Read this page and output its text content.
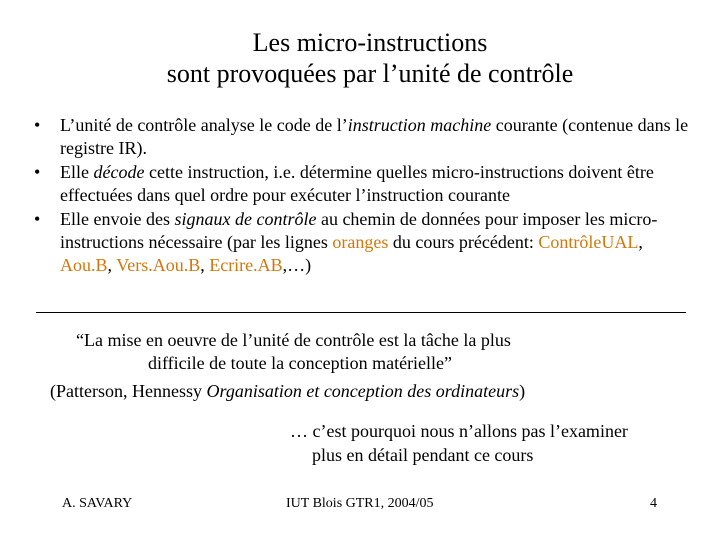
Les micro-instructions
sont provoquées par l’unité de contrôle
• L’unité de contrôle analyse le code de l’instruction machine courante (contenue dans le registre IR).
• Elle décode cette instruction, i.e. détermine quelles micro-instructions doivent être effectuées dans quel ordre pour exécuter l’instruction courante
• Elle envoie des signaux de contrôle au chemin de données pour imposer les micro-instructions nécessaire (par les lignes oranges du cours précédent: ContrôleUAL, Aou.B, Vers.Aou.B, Ecrire.AB,…)
“La mise en oeuvre de l’unité de contrôle est la tâche la plus
difficile de toute la conception matérielle”
(Patterson, Hennessy Organisation et conception des ordinateurs)
… c’est pourquoi nous n’allons pas l’examiner
plus en détail pendant ce cours
A. SAVARY	IUT Blois GTR1, 2004/05	4
